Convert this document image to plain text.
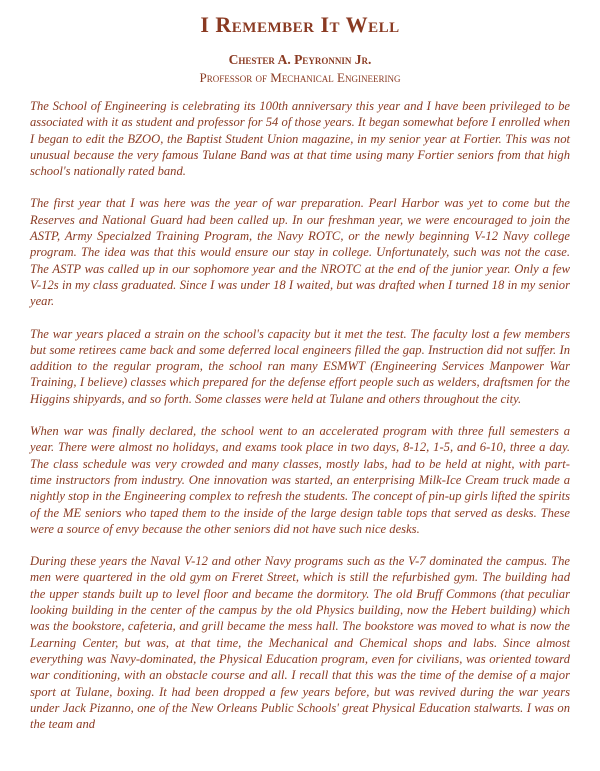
I Remember It Well

Chester A. Peyronnin Jr.

Professor of Mechanical Engineering

The School of Engineering is celebrating its 100th anniversary this year and I have been privileged to be associated with it as student and professor for 54 of those years. It began somewhat before I enrolled when I began to edit the BZOO, the Baptist Student Union magazine, in my senior year at Fortier. This was not unusual because the very famous Tulane Band was at that time using many Fortier seniors from that high school's nationally rated band.

The first year that I was here was the year of war preparation. Pearl Harbor was yet to come but the Reserves and National Guard had been called up. In our freshman year, we were encouraged to join the ASTP, Army Specialzed Training Program, the Navy ROTC, or the newly beginning V-12 Navy college program. The idea was that this would ensure our stay in college. Unfortunately, such was not the case. The ASTP was called up in our sophomore year and the NROTC at the end of the junior year. Only a few V-12s in my class graduated. Since I was under 18 I waited, but was drafted when I turned 18 in my senior year.

The war years placed a strain on the school's capacity but it met the test. The faculty lost a few members but some retirees came back and some deferred local engineers filled the gap. Instruction did not suffer. In addition to the regular program, the school ran many ESMWT (Engineering Services Manpower War Training, I believe) classes which prepared for the defense effort people such as welders, draftsmen for the Higgins shipyards, and so forth. Some classes were held at Tulane and others throughout the city.

When war was finally declared, the school went to an accelerated program with three full semesters a year. There were almost no holidays, and exams took place in two days, 8-12, 1-5, and 6-10, three a day. The class schedule was very crowded and many classes, mostly labs, had to be held at night, with part-time instructors from industry. One innovation was started, an enterprising Milk-Ice Cream truck made a nightly stop in the Engineering complex to refresh the students. The concept of pin-up girls lifted the spirits of the ME seniors who taped them to the inside of the large design table tops that served as desks. These were a source of envy because the other seniors did not have such nice desks.

During these years the Naval V-12 and other Navy programs such as the V-7 dominated the campus. The men were quartered in the old gym on Freret Street, which is still the refurbished gym. The building had the upper stands built up to level floor and became the dormitory. The old Bruff Commons (that peculiar looking building in the center of the campus by the old Physics building, now the Hebert building) which was the bookstore, cafeteria, and grill became the mess hall. The bookstore was moved to what is now the Learning Center, but was, at that time, the Mechanical and Chemical shops and labs. Since almost everything was Navy-dominated, the Physical Education program, even for civilians, was oriented toward war conditioning, with an obstacle course and all. I recall that this was the time of the demise of a major sport at Tulane, boxing. It had been dropped a few years before, but was revived during the war years under Jack Pizanno, one of the New Orleans Public Schools' great Physical Education stalwarts. I was on the team and
